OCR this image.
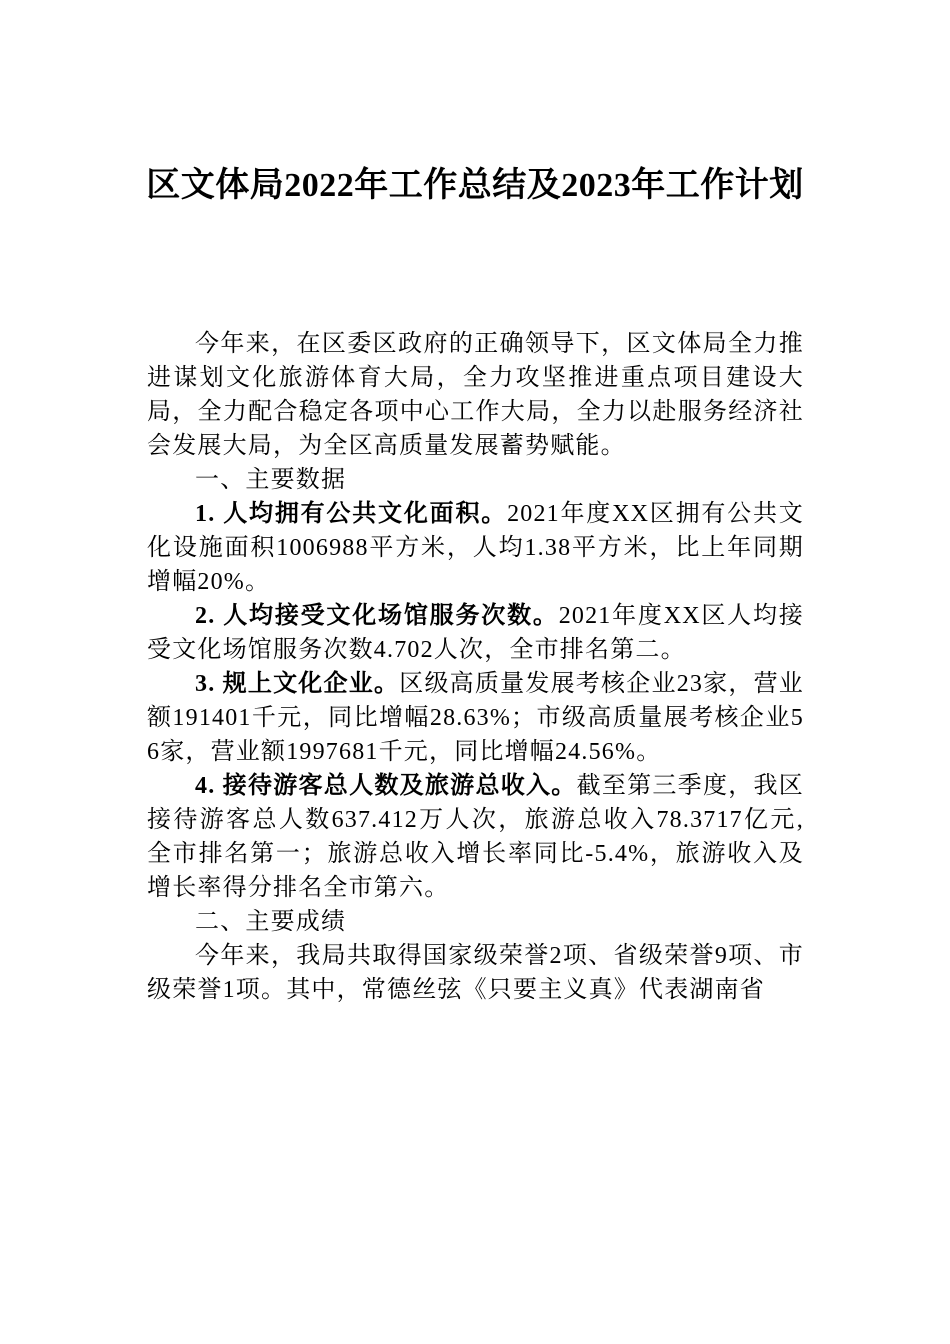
区文体局2022年工作总结及2023年工作计划

今年来，在区委区政府的正确领导下，区文体局全力推进谋划文化旅游体育大局，全力攻坚推进重点项目建设大局，全力配合稳定各项中心工作大局，全力以赴服务经济社会发展大局，为全区高质量发展蓄势赋能。

一、主要数据

1. 人均拥有公共文化面积。2021年度XX区拥有公共文化设施面积1006988平方米，人均1.38平方米，比上年同期增幅20%。

2. 人均接受文化场馆服务次数。2021年度XX区人均接受文化场馆服务次数4.702人次，全市排名第二。

3. 规上文化企业。区级高质量发展考核企业23家，营业额191401千元，同比增幅28.63%；市级高质量展考核企业56家，营业额1997681千元，同比增幅24.56%。

4. 接待游客总人数及旅游总收入。截至第三季度，我区接待游客总人数637.412万人次，旅游总收入78.3717亿元,全市排名第一；旅游总收入增长率同比-5.4%，旅游收入及增长率得分排名全市第六。

二、主要成绩

今年来，我局共取得国家级荣誉2项、省级荣誉9项、市级荣誉1项。其中，常德丝弦《只要主义真》代表湖南省
